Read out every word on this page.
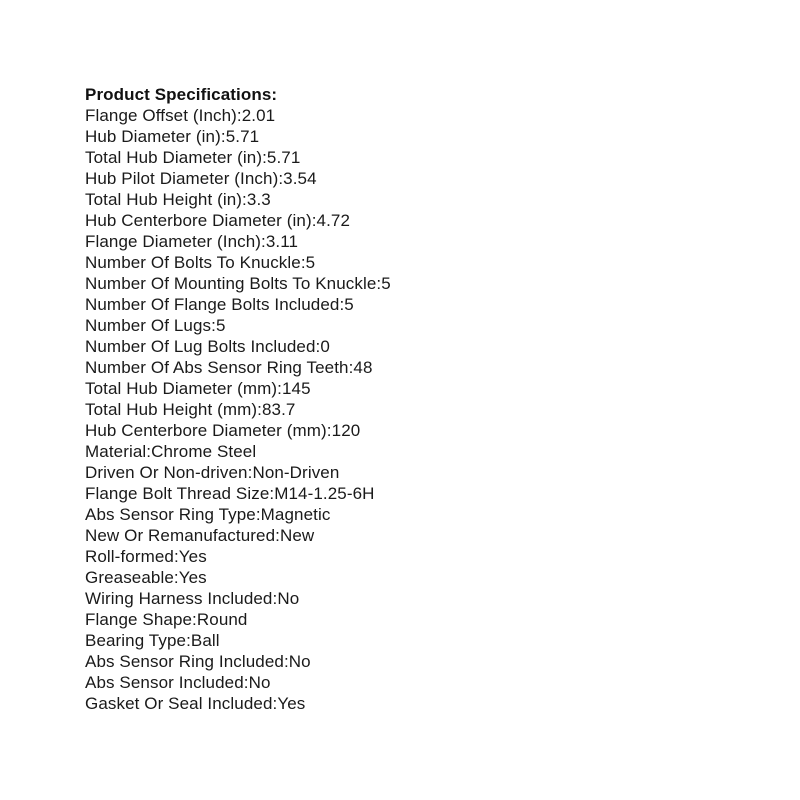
Product Specifications:
Flange Offset (Inch):2.01
Hub Diameter (in):5.71
Total Hub Diameter (in):5.71
Hub Pilot Diameter (Inch):3.54
Total Hub Height (in):3.3
Hub Centerbore Diameter (in):4.72
Flange Diameter (Inch):3.11
Number Of Bolts To Knuckle:5
Number Of Mounting Bolts To Knuckle:5
Number Of Flange Bolts Included:5
Number Of Lugs:5
Number Of Lug Bolts Included:0
Number Of Abs Sensor Ring Teeth:48
Total Hub Diameter (mm):145
Total Hub Height (mm):83.7
Hub Centerbore Diameter (mm):120
Material:Chrome Steel
Driven Or Non-driven:Non-Driven
Flange Bolt Thread Size:M14-1.25-6H
Abs Sensor Ring Type:Magnetic
New Or Remanufactured:New
Roll-formed:Yes
Greaseable:Yes
Wiring Harness Included:No
Flange Shape:Round
Bearing Type:Ball
Abs Sensor Ring Included:No
Abs Sensor Included:No
Gasket Or Seal Included:Yes
